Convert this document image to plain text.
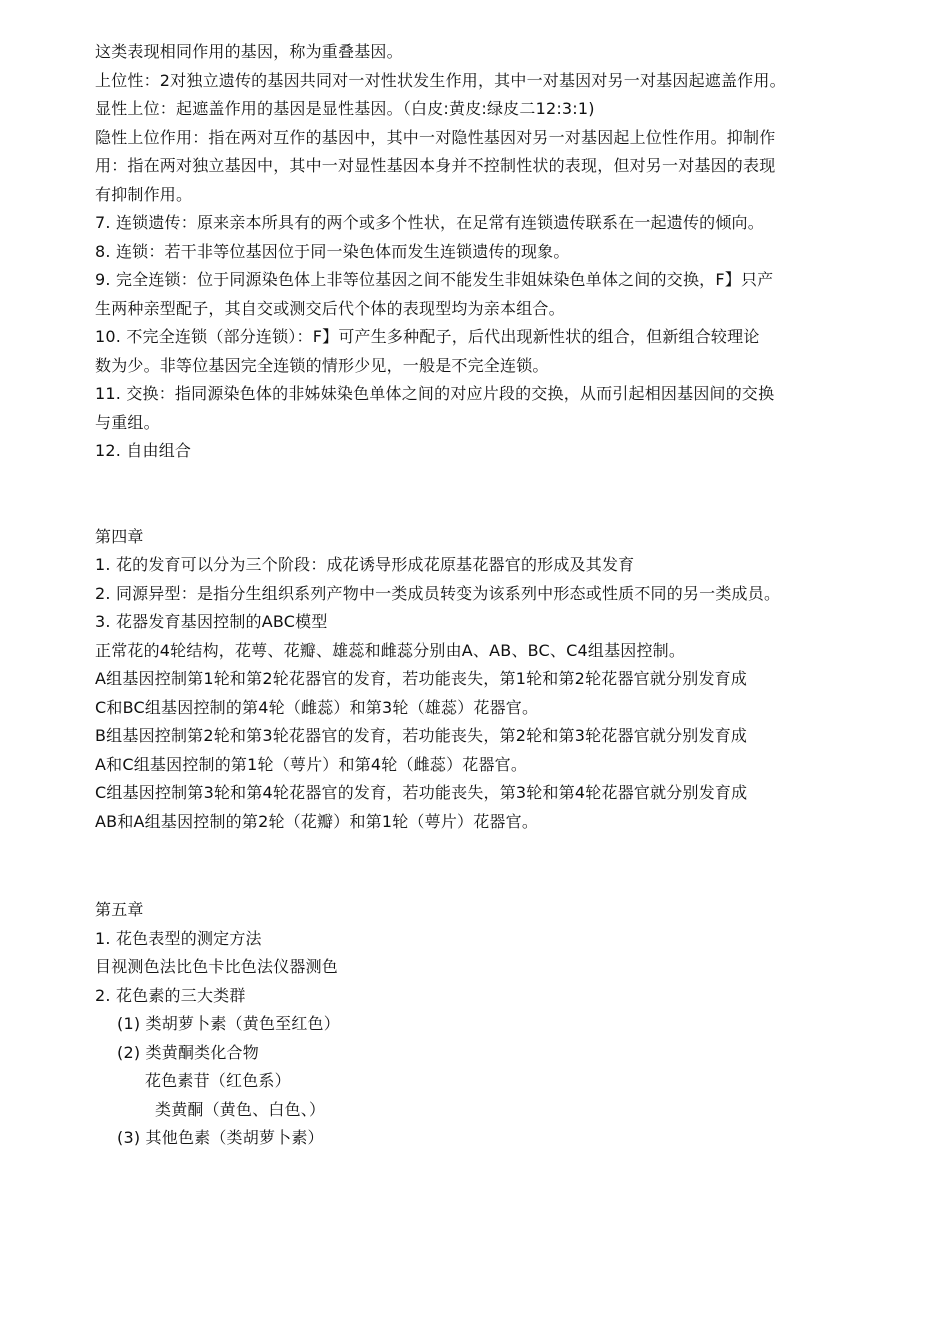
这类表现相同作用的基因，称为重叠基因。
上位性：2对独立遗传的基因共同对一对性状发生作用，其中一对基因对另一对基因起遮盖作用。
显性上位：起遮盖作用的基因是显性基因。（白皮:黄皮:绿皮二12:3:1)
隐性上位作用：指在两对互作的基因中，其中一对隐性基因对另一对基因起上位性作用。抑制作
用：指在两对独立基因中，其中一对显性基因本身并不控制性状的表现，但对另一对基因的表现
有抑制作用。
7. 连锁遗传：原来亲本所具有的两个或多个性状，在足常有连锁遗传联系在一起遗传的倾向。
8. 连锁：若干非等位基因位于同一染色体而发生连锁遗传的现象。
9. 完全连锁：位于同源染色体上非等位基因之间不能发生非姐妹染色单体之间的交换，F】只产
生两种亲型配子，其自交或测交后代个体的表现型均为亲本组合。
10. 不完全连锁（部分连锁）：F】可产生多种配子，后代出现新性状的组合，但新组合较理论
数为少。非等位基因完全连锁的情形少见，一般是不完全连锁。
11. 交换：指同源染色体的非姊妹染色单体之间的对应片段的交换，从而引起相因基因间的交换
与重组。
12. 自由组合
第四章
1. 花的发育可以分为三个阶段：成花诱导形成花原基花器官的形成及其发育
2. 同源异型：是指分生组织系列产物中一类成员转变为该系列中形态或性质不同的另一类成员。
3. 花器发育基因控制的ABC模型
正常花的4轮结构，花萼、花瓣、雄蕊和雌蕊分别由A、AB、BC、C4组基因控制。
A组基因控制第1轮和第2轮花器官的发育，若功能丧失，第1轮和第2轮花器官就分别发育成
C和BC组基因控制的第4轮（雌蕊）和第3轮（雄蕊）花器官。
B组基因控制第2轮和第3轮花器官的发育，若功能丧失，第2轮和第3轮花器官就分别发育成
A和C组基因控制的第1轮（萼片）和第4轮（雌蕊）花器官。
C组基因控制第3轮和第4轮花器官的发育，若功能丧失，第3轮和第4轮花器官就分别发育成
AB和A组基因控制的第2轮（花瓣）和第1轮（萼片）花器官。
第五章
1. 花色表型的测定方法
目视测色法比色卡比色法仪器测色
2. 花色素的三大类群
(1) 类胡萝卜素（黄色至红色）
(2) 类黄酮类化合物
花色素苷（红色系）
类黄酮（黄色、白色、）
(3) 其他色素（类胡萝卜素）
